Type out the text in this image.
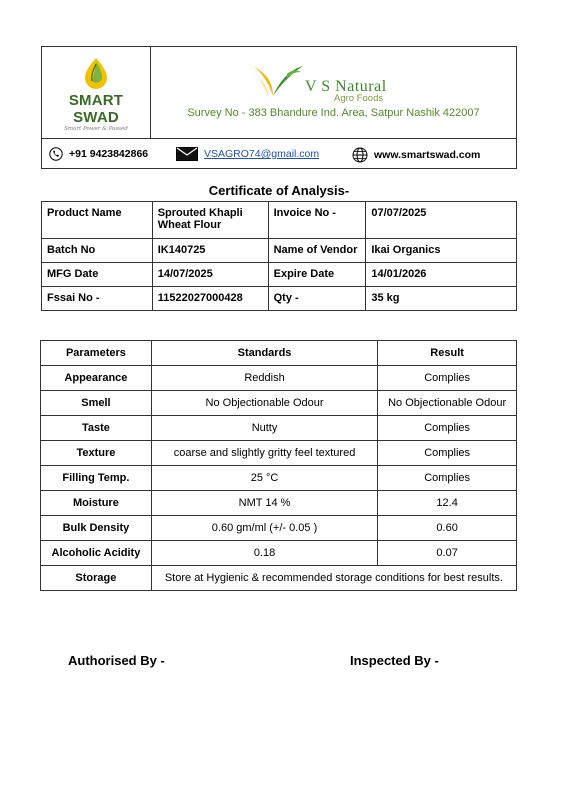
SMART SWAD
Smart Power & Passed
V S Natural
Agro Foods
Survey No - 383 Bhandure Ind. Area, Satpur Nashik 422007
+91 9423842866	VSAGRO74@gmail.com	www.smartswad.com
Certificate of Analysis-
Product Name	Sprouted Khapli Wheat Flour	Invoice No -	07/07/2025
Batch No	IK140725	Name of Vendor	Ikai Organics
MFG Date	14/07/2025	Expire Date	14/01/2026
Fssai No -	11522027000428	Qty -	35 kg
Parameters	Standards	Result
Appearance	Reddish	Complies
Smell	No Objectionable Odour	No Objectionable Odour
Taste	Nutty	Complies
Texture	coarse and slightly gritty feel textured	Complies
Filling Temp.	25 °C	Complies
Moisture	NMT 14 %	12.4
Bulk Density	0.60 gm/ml (+/- 0.05 )	0.60
Alcoholic Acidity	0.18	0.07
Storage	Store at Hygienic & recommended storage conditions for best results.	
Authorised By -	Inspected By -
